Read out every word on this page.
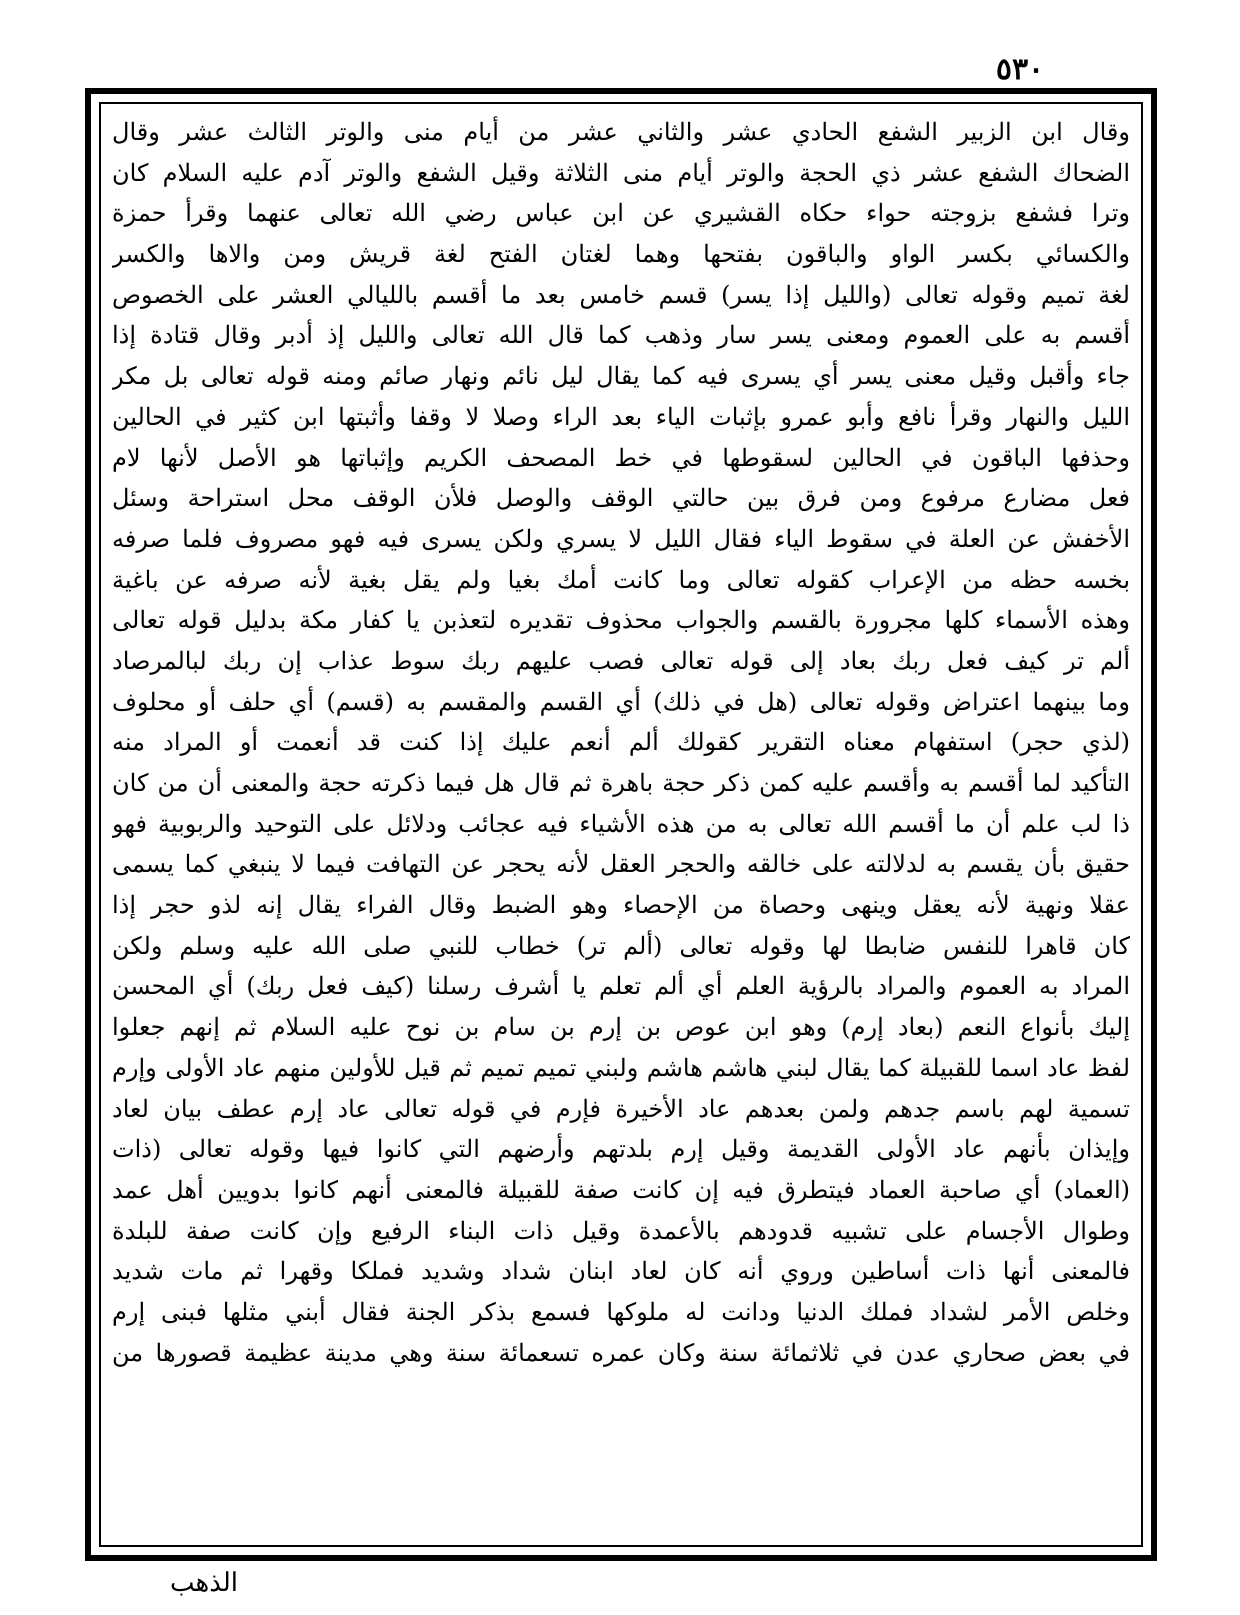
٥٣٠
وقال ابن الزبير الشفع الحادي عشر والثاني عشر من أيام منى والوتر الثالث عشر وقال
الضحاك الشفع عشر ذي الحجة والوتر أيام منى الثلاثة وقيل الشفع والوتر آدم عليه السلام كان
وترا فشفع بزوجته حواء حكاه القشيري عن ابن عباس رضي الله تعالى عنهما وقرأ حمزة
والكسائي بكسر الواو والباقون بفتحها وهما لغتان الفتح لغة قريش ومن والاها والكسر
لغة تميم وقوله تعالى (والليل إذا يسر) قسم خامس بعد ما أقسم بالليالي العشر على الخصوص
أقسم به على العموم ومعنى يسر سار وذهب كما قال الله تعالى والليل إذ أدبر وقال قتادة إذا
جاء وأقبل وقيل معنى يسر أي يسرى فيه كما يقال ليل نائم ونهار صائم ومنه قوله تعالى بل مكر
الليل والنهار وقرأ نافع وأبو عمرو بإثبات الياء بعد الراء وصلا لا وقفا وأثبتها ابن كثير في الحالين
وحذفها الباقون في الحالين لسقوطها في خط المصحف الكريم وإثباتها هو الأصل لأنها لام
فعل مضارع مرفوع ومن فرق بين حالتي الوقف والوصل فلأن الوقف محل استراحة وسئل
الأخفش عن العلة في سقوط الياء فقال الليل لا يسري ولكن يسرى فيه فهو مصروف فلما صرفه
بخسه حظه من الإعراب كقوله تعالى وما كانت أمك بغيا ولم يقل بغية لأنه صرفه عن باغية
وهذه الأسماء كلها مجرورة بالقسم والجواب محذوف تقديره لتعذبن يا كفار مكة بدليل قوله تعالى
ألم تر كيف فعل ربك بعاد إلى قوله تعالى فصب عليهم ربك سوط عذاب إن ربك لبالمرصاد
وما بينهما اعتراض وقوله تعالى (هل في ذلك) أي القسم والمقسم به (قسم) أي حلف أو محلوف
(لذي حجر) استفهام معناه التقرير كقولك ألم أنعم عليك إذا كنت قد أنعمت أو المراد منه
التأكيد لما أقسم به وأقسم عليه كمن ذكر حجة باهرة ثم قال هل فيما ذكرته حجة والمعنى أن من كان
ذا لب علم أن ما أقسم الله تعالى به من هذه الأشياء فيه عجائب ودلائل على التوحيد والربوبية فهو
حقيق بأن يقسم به لدلالته على خالقه والحجر العقل لأنه يحجر عن التهافت فيما لا ينبغي كما يسمى
عقلا ونهية لأنه يعقل وينهى وحصاة من الإحصاء وهو الضبط وقال الفراء يقال إنه لذو حجر إذا
كان قاهرا للنفس ضابطا لها وقوله تعالى (ألم تر) خطاب للنبي صلى الله عليه وسلم ولكن
المراد به العموم والمراد بالرؤية العلم أي ألم تعلم يا أشرف رسلنا (كيف فعل ربك) أي المحسن
إليك بأنواع النعم (بعاد إرم) وهو ابن عوص بن إرم بن سام بن نوح عليه السلام ثم إنهم جعلوا
لفظ عاد اسما للقبيلة كما يقال لبني هاشم هاشم ولبني تميم تميم ثم قيل للأولين منهم عاد الأولى وإرم
تسمية لهم باسم جدهم ولمن بعدهم عاد الأخيرة فإرم في قوله تعالى عاد إرم عطف بيان لعاد
وإيذان بأنهم عاد الأولى القديمة وقيل إرم بلدتهم وأرضهم التي كانوا فيها وقوله تعالى (ذات
(العماد) أي صاحبة العماد فيتطرق فيه إن كانت صفة للقبيلة فالمعنى أنهم كانوا بدويين أهل عمد
وطوال الأجسام على تشبيه قدودهم بالأعمدة وقيل ذات البناء الرفيع وإن كانت صفة للبلدة
فالمعنى أنها ذات أساطين وروي أنه كان لعاد ابنان شداد وشديد فملكا وقهرا ثم مات شديد
وخلص الأمر لشداد فملك الدنيا ودانت له ملوكها فسمع بذكر الجنة فقال أبني مثلها فبنى إرم
في بعض صحاري عدن في ثلاثمائة سنة وكان عمره تسعمائة سنة وهي مدينة عظيمة قصورها من
الذهب
